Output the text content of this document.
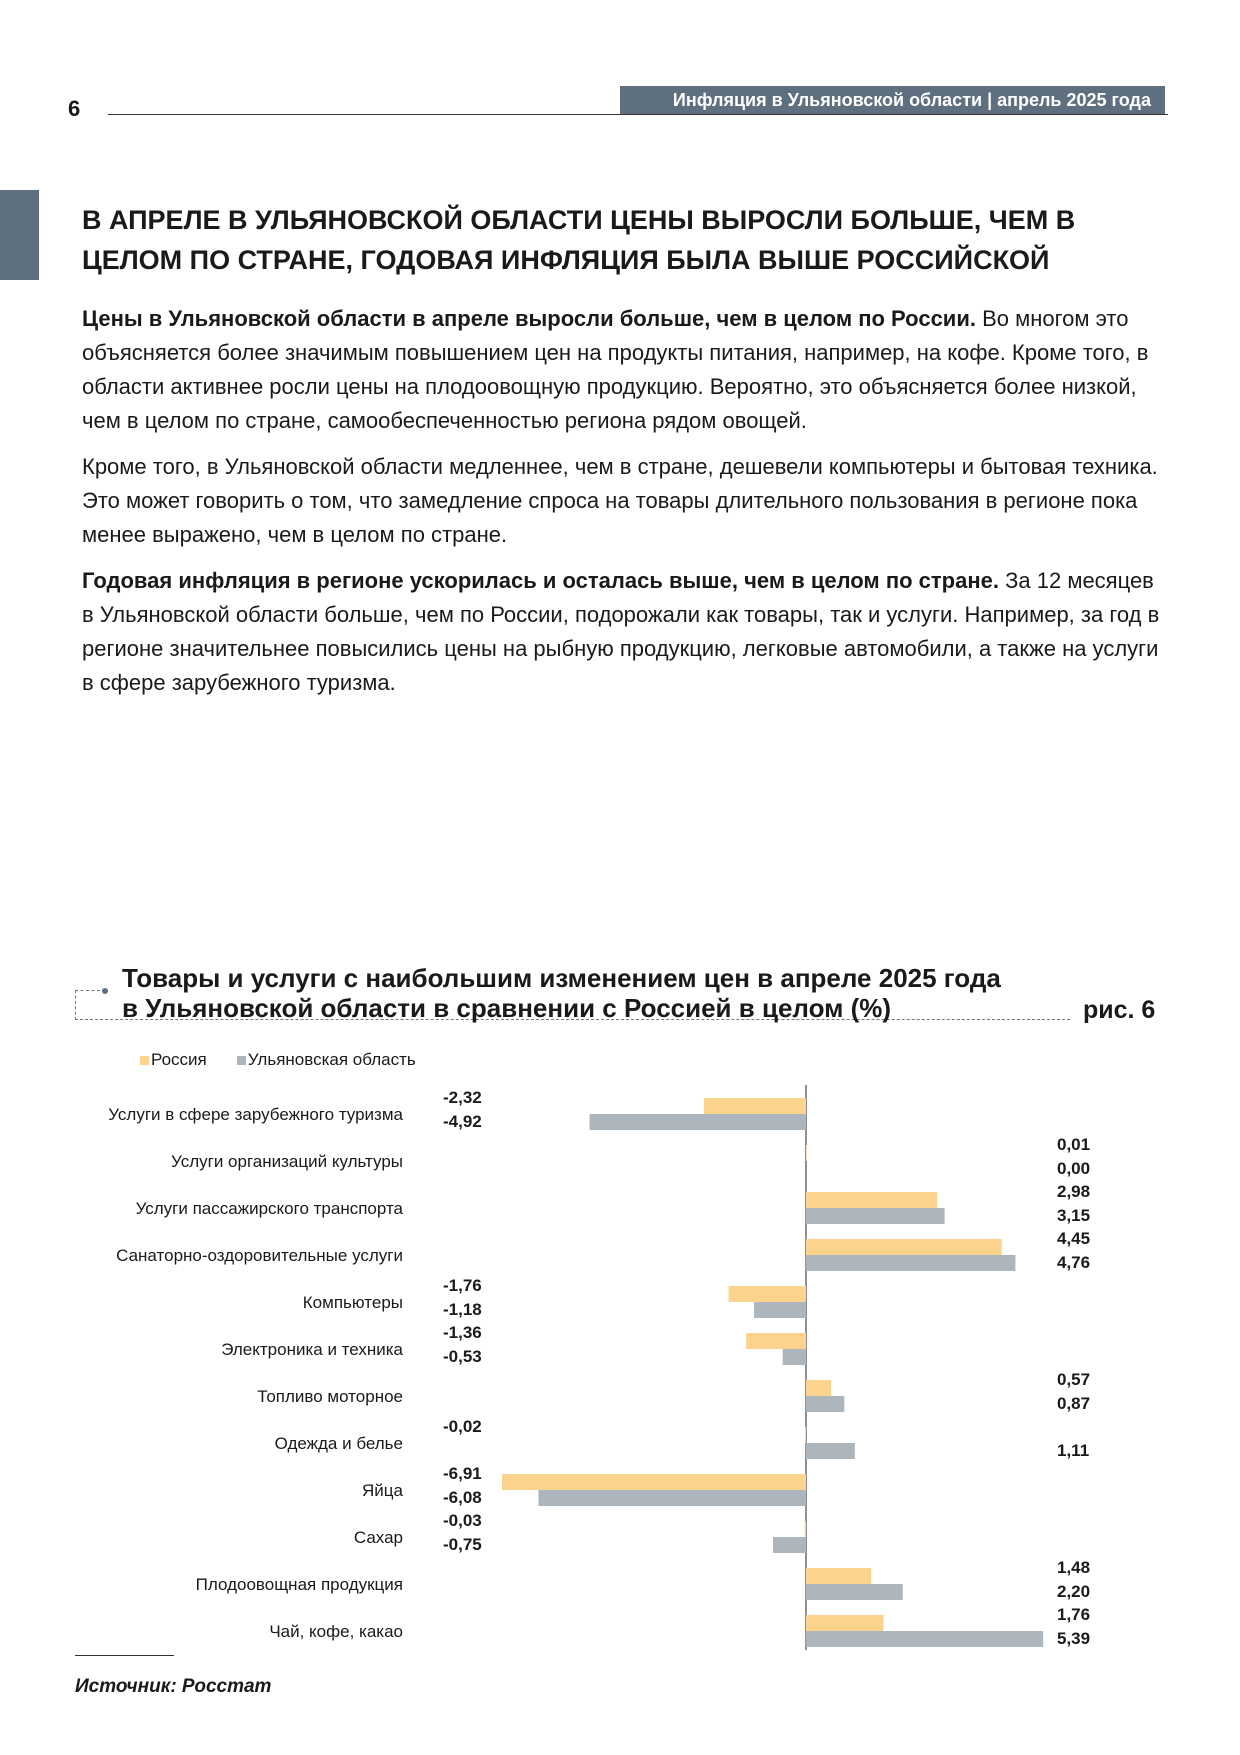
6	Инфляция в Ульяновской области | апрель 2025 года
В АПРЕЛЕ В УЛЬЯНОВСКОЙ ОБЛАСТИ ЦЕНЫ ВЫРОСЛИ БОЛЬШЕ, ЧЕМ В
ЦЕЛОМ ПО СТРАНЕ, ГОДОВАЯ ИНФЛЯЦИЯ БЫЛА ВЫШЕ РОССИЙСКОЙ

Цены в Ульяновской области в апреле выросли больше, чем в целом по России. Во многом это объясняется более значимым повышением цен на продукты питания, например, на кофе. Кроме того, в области активнее росли цены на плодоовощную продукцию. Вероятно, это объясняется более низкой, чем в целом по стране, самообеспеченностью региона рядом овощей.

Кроме того, в Ульяновской области медленнее, чем в стране, дешевели компьютеры и бытовая техника. Это может говорить о том, что замедление спроса на товары длительного пользования в регионе пока менее выражено, чем в целом по стране.

Годовая инфляция в регионе ускорилась и осталась выше, чем в целом по стране. За 12 месяцев в Ульяновской области больше, чем по России, подорожали как товары, так и услуги. Например, за год в регионе значительнее повысились цены на рыбную продукцию, легковые автомобили, а также на услуги в сфере зарубежного туризма.

Товары и услуги с наибольшим изменением цен в апреле 2025 года
в Ульяновской области в сравнении с Россией в целом (%)	рис. 6
Россия Ульяновская область
Услуги в сфере зарубежного туризма
-2,32
-4,92
Услуги организаций культуры
0,01
0,00
Услуги пассажирского транспорта
2,98
3,15
Санаторно-оздоровительные услуги
4,45
4,76
Компьютеры
-1,76
-1,18
Электроника и техника
-1,36
-0,53
Топливо моторное
0,57
0,87
Одежда и белье
-0,02
1,11
Яйца
-6,91
-6,08
Сахар
-0,03
-0,75
Плодоовощная продукция
1,48
2,20
Чай, кофе, какао
1,76
5,39
Источник: Росстат
